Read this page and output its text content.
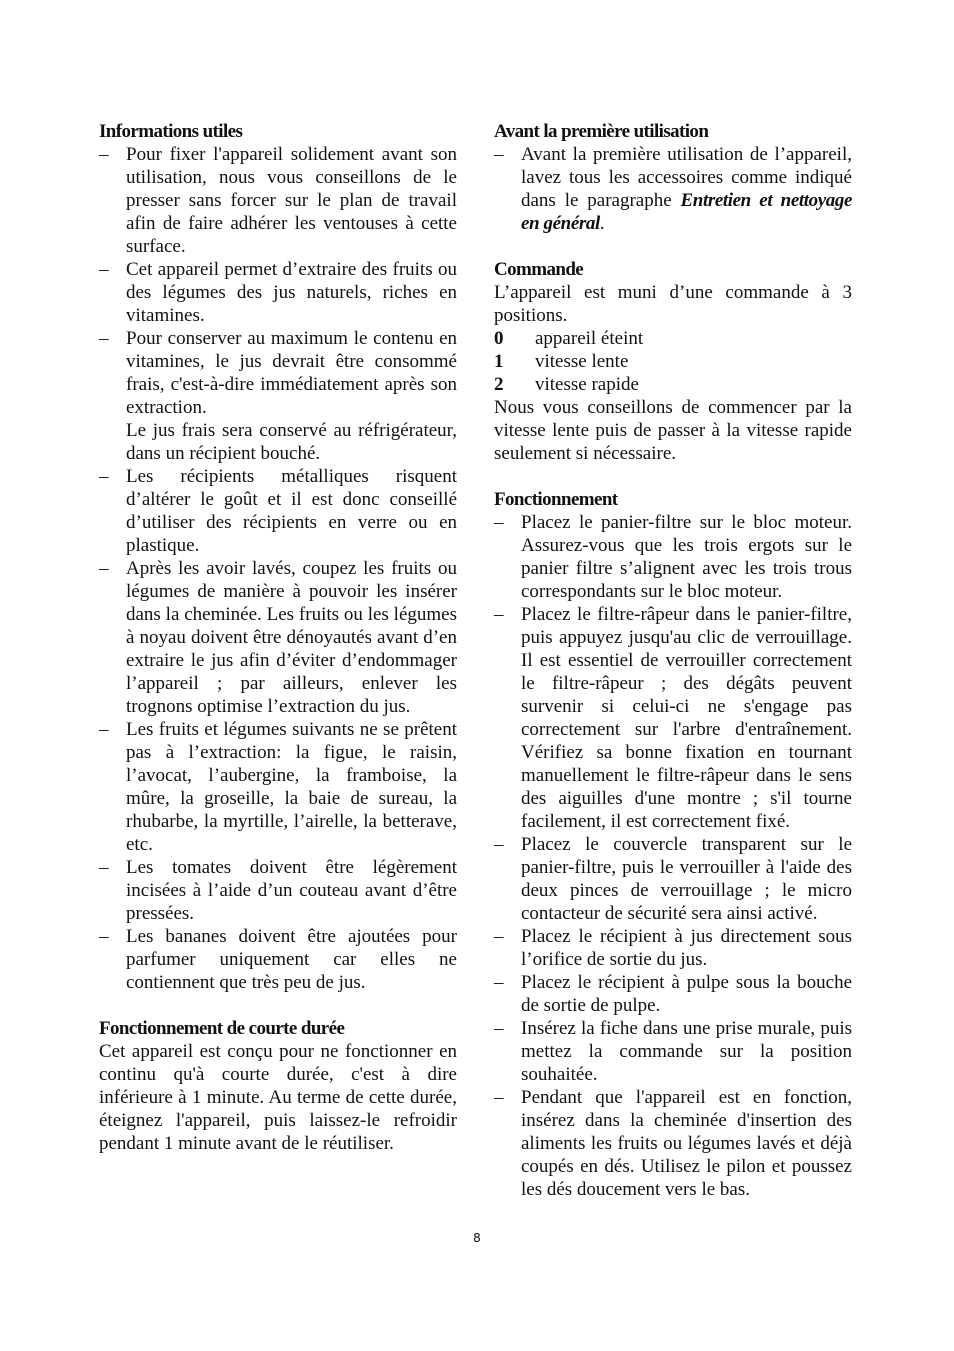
Informations utiles

– Pour fixer l'appareil solidement avant son utilisation, nous vous conseillons de le presser sans forcer sur le plan de travail afin de faire adhérer les ventouses à cette surface.
– Cet appareil permet d’extraire des fruits ou des légumes des jus naturels, riches en vitamines.
– Pour conserver au maximum le contenu en vitamines, le jus devrait être consommé frais, c'est-à-dire immédiatement après son extraction.
Le jus frais sera conservé au réfrigérateur, dans un récipient bouché.
– Les récipients métalliques risquent d’altérer le goût et il est donc conseillé d’utiliser des récipients en verre ou en plastique.
– Après les avoir lavés, coupez les fruits ou légumes de manière à pouvoir les insérer dans la cheminée. Les fruits ou les légumes à noyau doivent être dénoyautés avant d’en extraire le jus afin d’éviter d’endommager l’appareil ; par ailleurs, enlever les trognons optimise l’extraction du jus.
– Les fruits et légumes suivants ne se prêtent pas à l’extraction: la figue, le raisin, l’avocat, l’aubergine, la framboise, la mûre, la groseille, la baie de sureau, la rhubarbe, la myrtille, l’airelle, la betterave, etc.
– Les tomates doivent être légèrement incisées à l’aide d’un couteau avant d’être pressées.
– Les bananes doivent être ajoutées pour parfumer uniquement car elles ne contiennent que très peu de jus.

Fonctionnement de courte durée

Cet appareil est conçu pour ne fonctionner en continu qu'à courte durée, c'est à dire inférieure à 1 minute. Au terme de cette durée, éteignez l'appareil, puis laissez-le refroidir pendant 1 minute avant de le réutiliser.

Avant la première utilisation

– Avant la première utilisation de l’appareil, lavez tous les accessoires comme indiqué dans le paragraphe Entretien et nettoyage en général.

Commande

L’appareil est muni d’une commande à 3 positions.

0	appareil éteint
1	vitesse lente
2	vitesse rapide

Nous vous conseillons de commencer par la vitesse lente puis de passer à la vitesse rapide seulement si nécessaire.

Fonctionnement

– Placez le panier-filtre sur le bloc moteur. Assurez-vous que les trois ergots sur le panier filtre s’alignent avec les trois trous correspondants sur le bloc moteur.
– Placez le filtre-râpeur dans le panier-filtre, puis appuyez jusqu'au clic de verrouillage. Il est essentiel de verrouiller correctement le filtre-râpeur ; des dégâts peuvent survenir si celui-ci ne s'engage pas correctement sur l'arbre d'entraînement. Vérifiez sa bonne fixation en tournant manuellement le filtre-râpeur dans le sens des aiguilles d'une montre ; s'il tourne facilement, il est correctement fixé.
– Placez le couvercle transparent sur le panier-filtre, puis le verrouiller à l'aide des deux pinces de verrouillage ; le micro contacteur de sécurité sera ainsi activé.
– Placez le récipient à jus directement sous l’orifice de sortie du jus.
– Placez le récipient à pulpe sous la bouche de sortie de pulpe.
– Insérez la fiche dans une prise murale, puis mettez la commande sur la position souhaitée.
– Pendant que l'appareil est en fonction, insérez dans la cheminée d'insertion des aliments les fruits ou légumes lavés et déjà coupés en dés. Utilisez le pilon et poussez les dés doucement vers le bas.
8
